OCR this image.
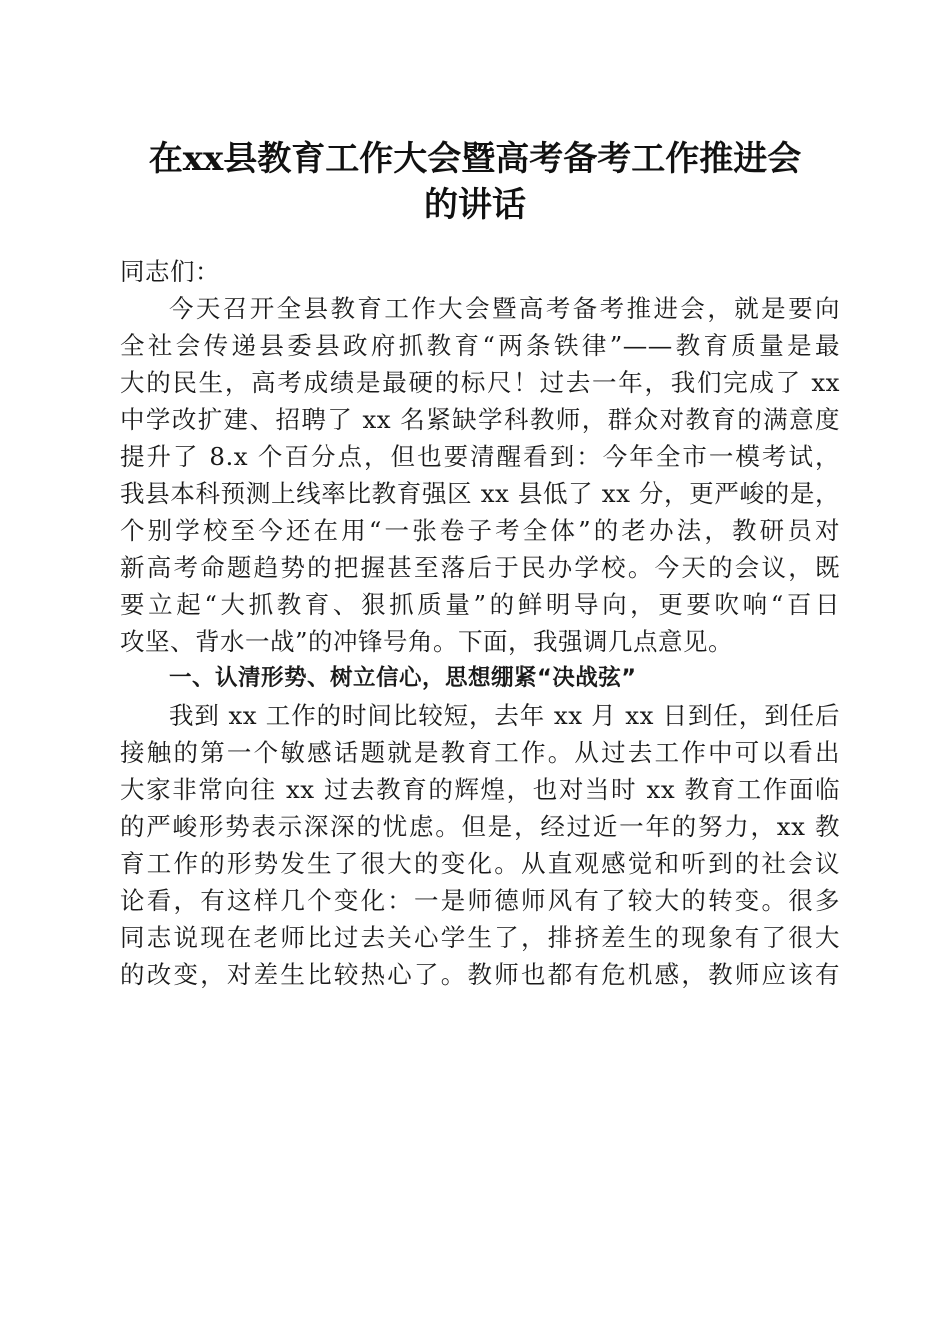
在xx县教育工作大会暨高考备考工作推进会
的讲话
同志们：
今天召开全县教育工作大会暨高考备考推进会，就是要向
全社会传递县委县政府抓教育“两条铁律”——教育质量是最
大的民生，高考成绩是最硬的标尺！过去一年，我们完成了 xx
中学改扩建、招聘了 xx 名紧缺学科教师，群众对教育的满意度
提升了 8.x 个百分点，但也要清醒看到：今年全市一模考试，
我县本科预测上线率比教育强区 xx 县低了 xx 分，更严峻的是，
个别学校至今还在用“一张卷子考全体”的老办法，教研员对
新高考命题趋势的把握甚至落后于民办学校。今天的会议，既
要立起“大抓教育、狠抓质量”的鲜明导向，更要吹响“百日
攻坚、背水一战”的冲锋号角。下面，我强调几点意见。
一、认清形势、树立信心，思想绷紧“决战弦”
我到 xx 工作的时间比较短，去年 xx 月 xx 日到任，到任后
接触的第一个敏感话题就是教育工作。从过去工作中可以看出
大家非常向往 xx 过去教育的辉煌，也对当时 xx 教育工作面临
的严峻形势表示深深的忧虑。但是，经过近一年的努力，xx 教
育工作的形势发生了很大的变化。从直观感觉和听到的社会议
论看，有这样几个变化：一是师德师风有了较大的转变。很多
同志说现在老师比过去关心学生了，排挤差生的现象有了很大
的改变，对差生比较热心了。教师也都有危机感，教师应该有
